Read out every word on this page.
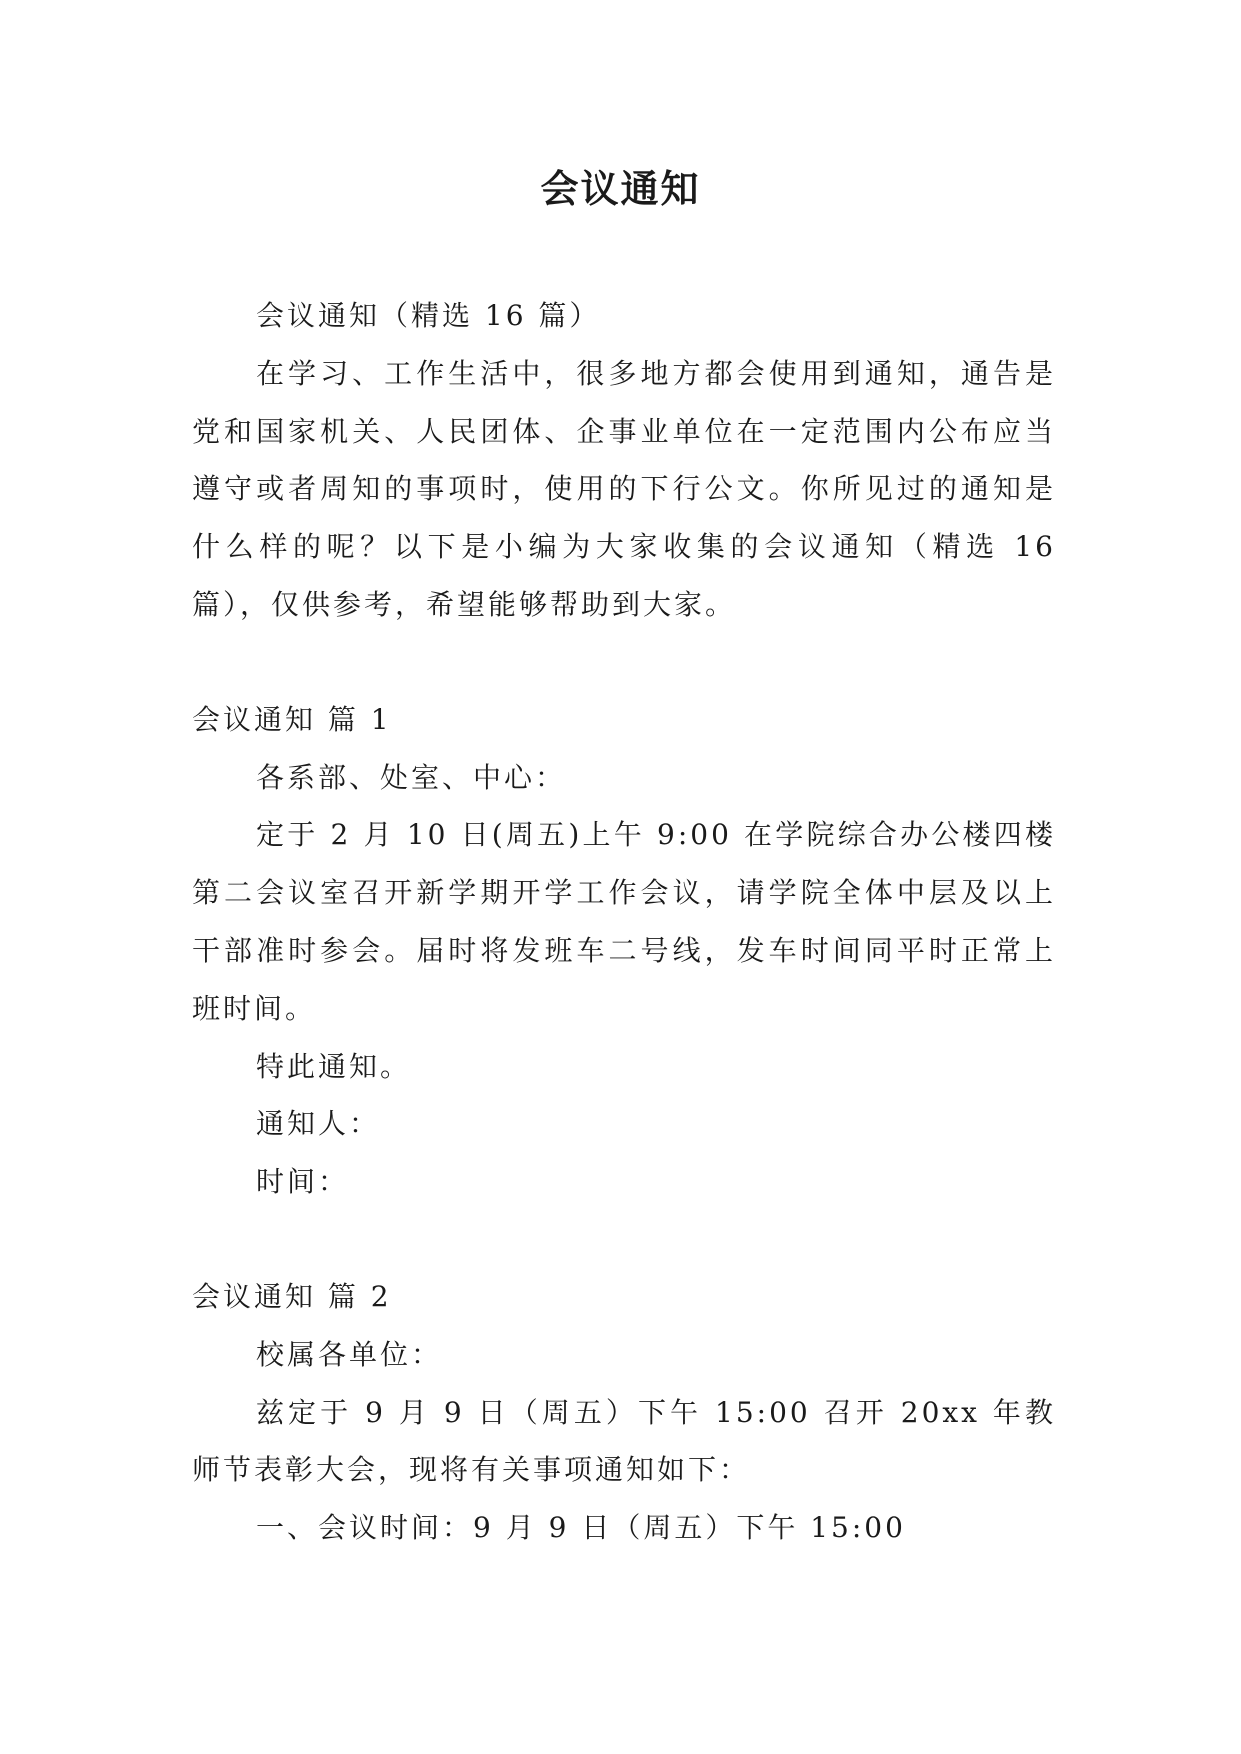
会议通知

会议通知（精选 16 篇）

在学习、工作生活中，很多地方都会使用到通知，通告是党和国家机关、人民团体、企事业单位在一定范围内公布应当遵守或者周知的事项时，使用的下行公文。你所见过的通知是什么样的呢？以下是小编为大家收集的会议通知（精选 16 篇），仅供参考，希望能够帮助到大家。

会议通知 篇 1

各系部、处室、中心：

定于 2 月 10 日(周五)上午 9:00 在学院综合办公楼四楼第二会议室召开新学期开学工作会议，请学院全体中层及以上干部准时参会。届时将发班车二号线，发车时间同平时正常上班时间。

特此通知。

通知人：

时间：

会议通知 篇 2

校属各单位：

兹定于 9 月 9 日（周五）下午 15:00 召开 20xx 年教师节表彰大会，现将有关事项通知如下：

一、会议时间：9 月 9 日（周五）下午 15:00
